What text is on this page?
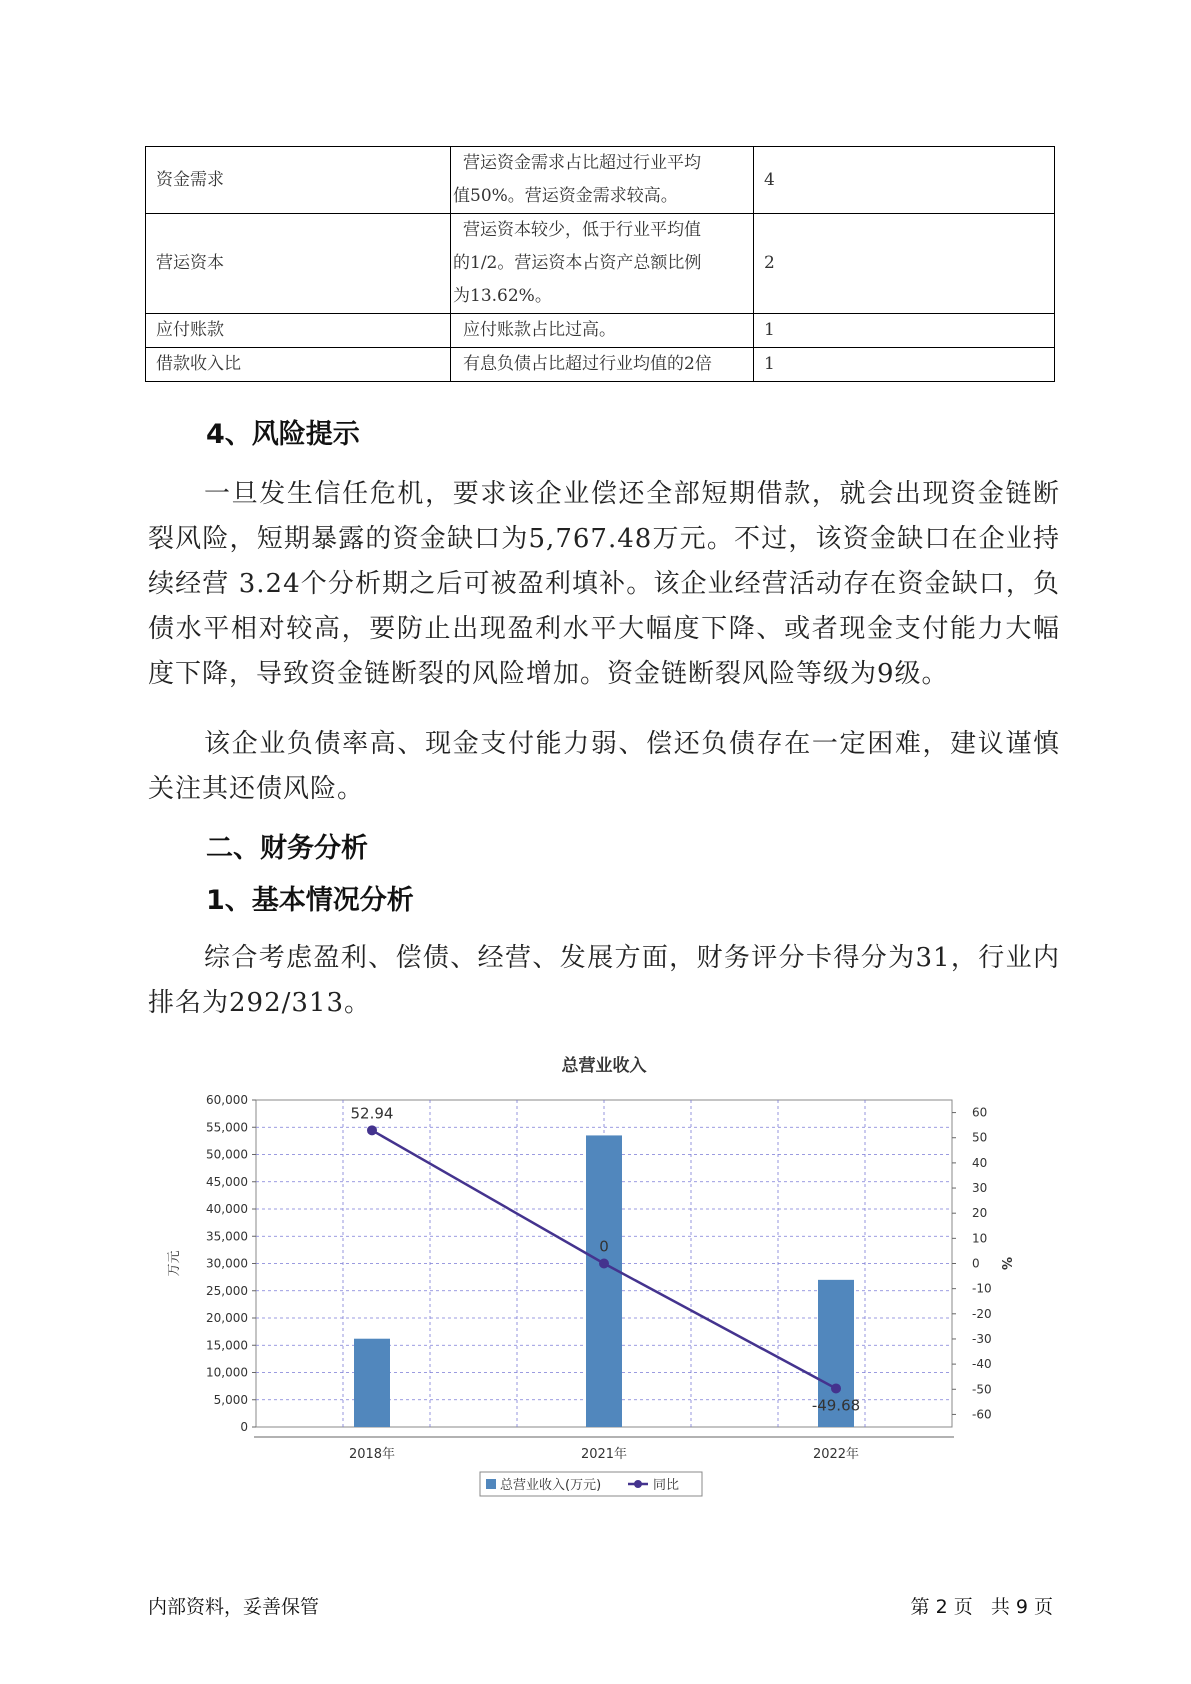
资金需求	营运资金需求占比超过行业平均
值50%。营运资金需求较高。	4
营运资本	营运资本较少，低于行业平均值
的1/2。营运资本占资产总额比例
为13.62%。	2
应付账款	应付账款占比过高。	1
借款收入比	有息负债占比超过行业均值的2倍	1
4、风险提示

一旦发生信任危机，要求该企业偿还全部短期借款，就会出现资金链断裂风险，短期暴露的资金缺口为5,767.48万元。不过，该资金缺口在企业持续经营 3.24个分析期之后可被盈利填补。该企业经营活动存在资金缺口，负债水平相对较高，要防止出现盈利水平大幅度下降、或者现金支付能力大幅度下降，导致资金链断裂的风险增加。资金链断裂风险等级为9级。

该企业负债率高、现金支付能力弱、偿还负债存在一定困难，建议谨慎关注其还债风险。

二、财务分析
1、基本情况分析

综合考虑盈利、偿债、经营、发展方面，财务评分卡得分为31，行业内排名为292/313。

总营业收入
0
5,000
10,000
15,000
20,000
25,000
30,000
35,000
40,000
45,000
50,000
55,000
60,000
-60
-50
-40
-30
-20
-10
0
10
20
30
40
50
60
万元	%
2018年	2021年	2022年
52.94
0
-49.68
总营业收入(万元)	同比
内部资料，妥善保管	第 2 页   共 9 页
